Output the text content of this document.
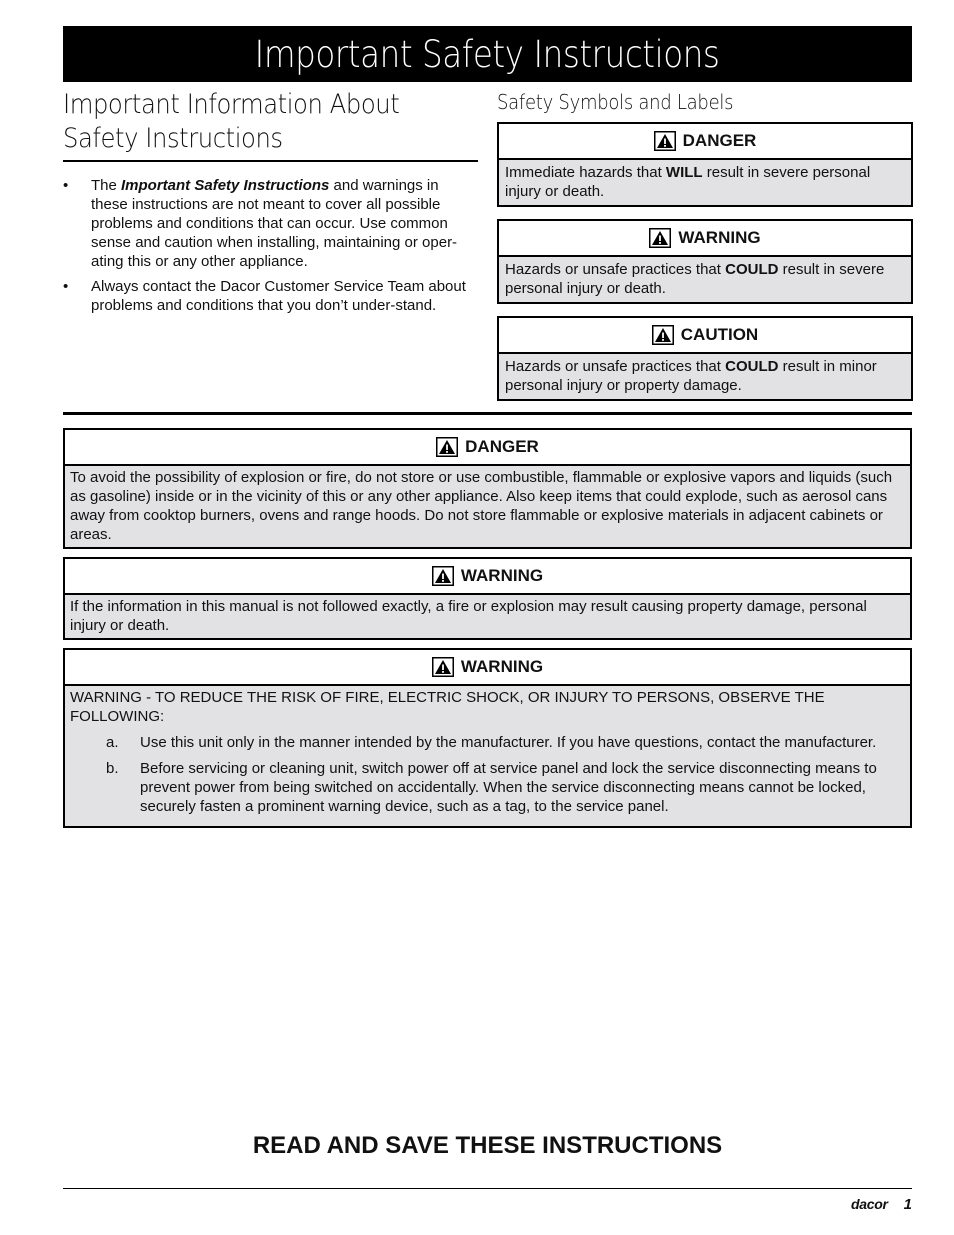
Important Safety Instructions
Important Information About
Safety Instructions
• The Important Safety Instructions and warnings in these instructions are not meant to cover all possible problems and conditions that can occur. Use common sense and caution when installing, maintaining or oper-ating this or any other appliance.
• Always contact the Dacor Customer Service Team about problems and conditions that you don’t under-stand.
Safety Symbols and Labels
DANGER
Immediate hazards that WILL result in severe personal injury or death.
WARNING
Hazards or unsafe practices that COULD result in severe personal injury or death.
CAUTION
Hazards or unsafe practices that COULD result in minor personal injury or property damage.
DANGER
To avoid the possibility of explosion or fire, do not store or use combustible, flammable or explosive vapors and liquids (such as gasoline) inside or in the vicinity of this or any other appliance. Also keep items that could explode, such as aerosol cans away from cooktop burners, ovens and range hoods. Do not store flammable or explosive materials in adjacent cabinets or areas.
WARNING
If the information in this manual is not followed exactly, a fire or explosion may result causing property damage, personal injury or death.
WARNING
WARNING - TO REDUCE THE RISK OF FIRE, ELECTRIC SHOCK, OR INJURY TO PERSONS, OBSERVE THE FOLLOWING:
a. Use this unit only in the manner intended by the manufacturer. If you have questions, contact the manufacturer.
b. Before servicing or cleaning unit, switch power off at service panel and lock the service disconnecting means to prevent power from being switched on accidentally. When the service disconnecting means cannot be locked, securely fasten a prominent warning device, such as a tag, to the service panel.
READ AND SAVE THESE INSTRUCTIONS
dacor 1
